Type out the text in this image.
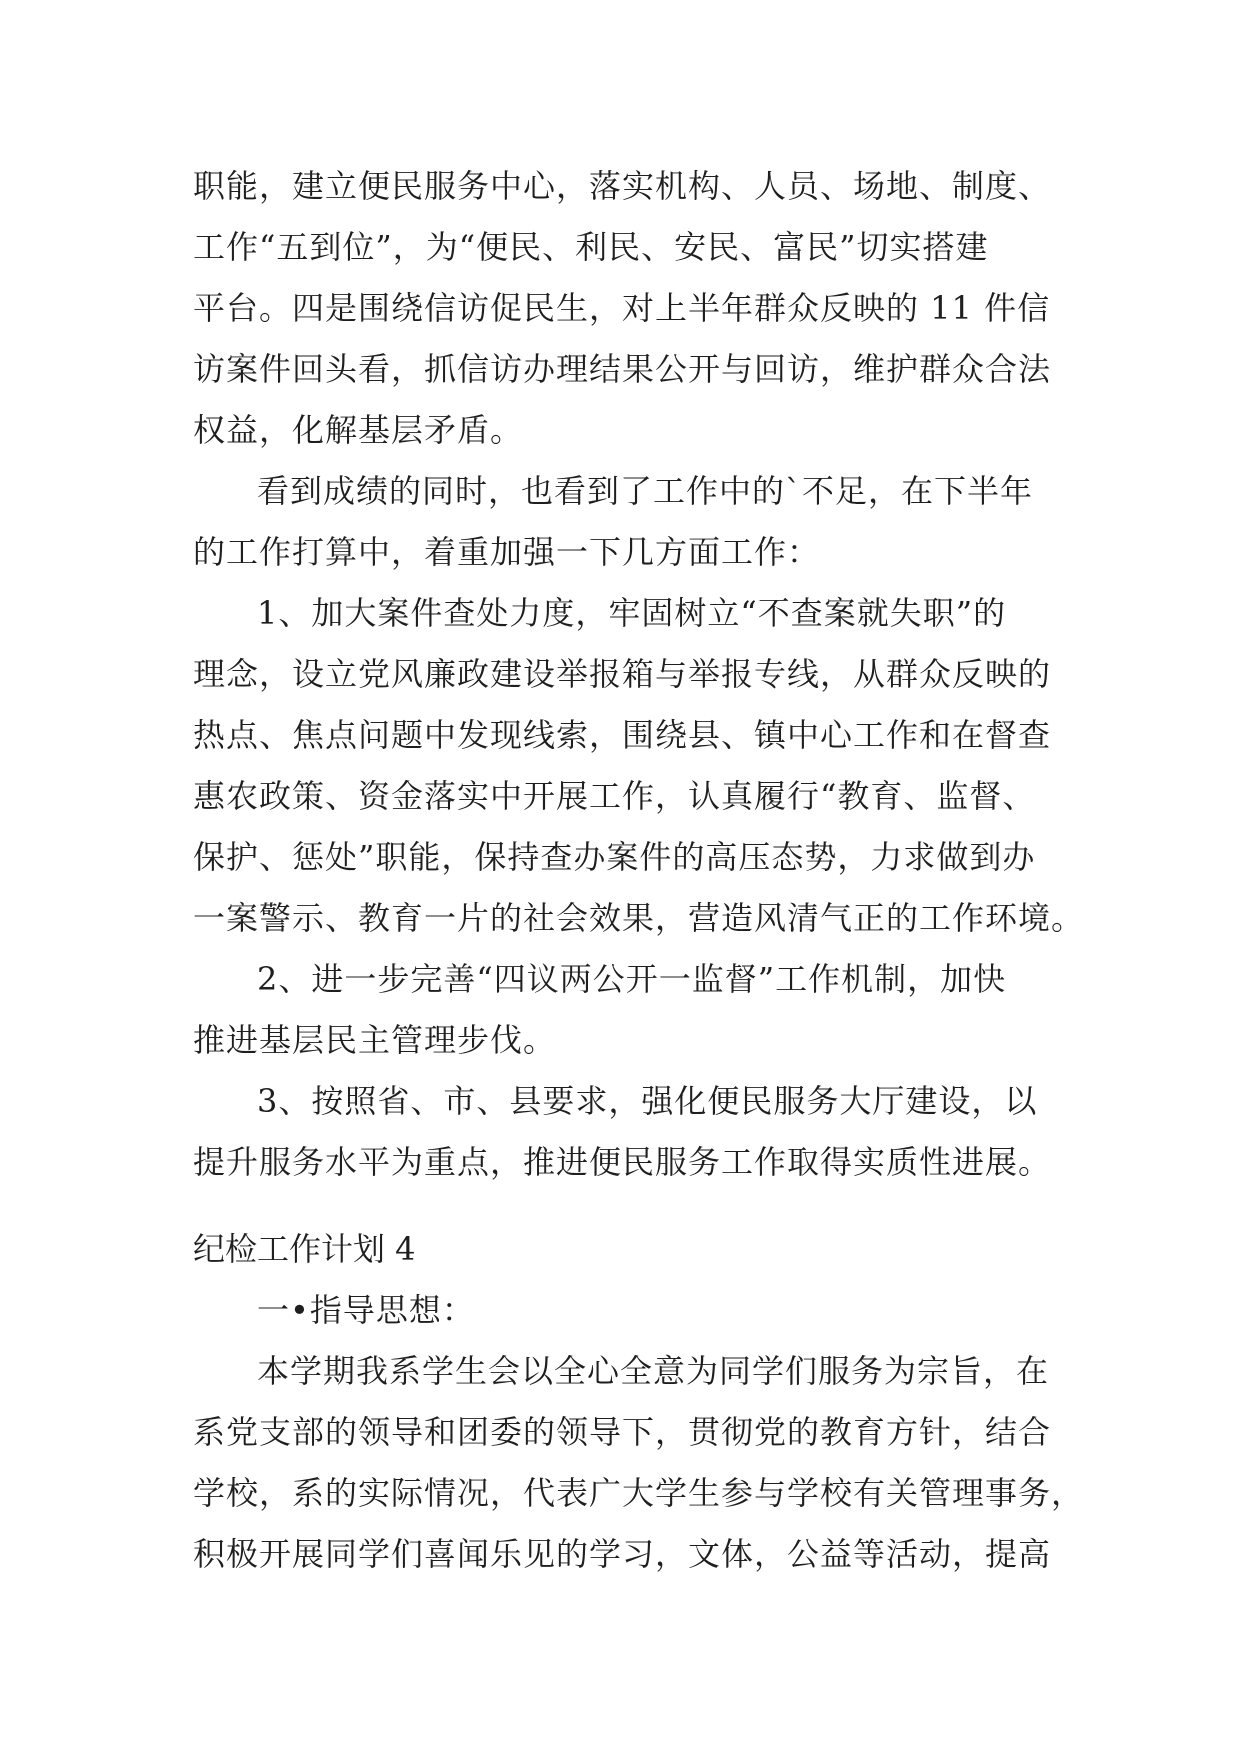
职能，建立便民服务中心，落实机构、人员、场地、制度、
工作“五到位”，为“便民、利民、安民、富民”切实搭建
平台。四是围绕信访促民生，对上半年群众反映的 11 件信
访案件回头看，抓信访办理结果公开与回访，维护群众合法
权益，化解基层矛盾。
看到成绩的同时，也看到了工作中的`不足，在下半年
的工作打算中，着重加强一下几方面工作：
1、加大案件查处力度，牢固树立“不查案就失职”的
理念，设立党风廉政建设举报箱与举报专线，从群众反映的
热点、焦点问题中发现线索，围绕县、镇中心工作和在督查
惠农政策、资金落实中开展工作，认真履行“教育、监督、
保护、惩处”职能，保持查办案件的高压态势，力求做到办
一案警示、教育一片的社会效果，营造风清气正的工作环境。
2、进一步完善“四议两公开一监督”工作机制，加快
推进基层民主管理步伐。
3、按照省、市、县要求，强化便民服务大厅建设，以
提升服务水平为重点，推进便民服务工作取得实质性进展。
纪检工作计划 4
一•指导思想：
本学期我系学生会以全心全意为同学们服务为宗旨，在
系党支部的领导和团委的领导下，贯彻党的教育方针，结合
学校，系的实际情况，代表广大学生参与学校有关管理事务，
积极开展同学们喜闻乐见的学习，文体，公益等活动，提高
